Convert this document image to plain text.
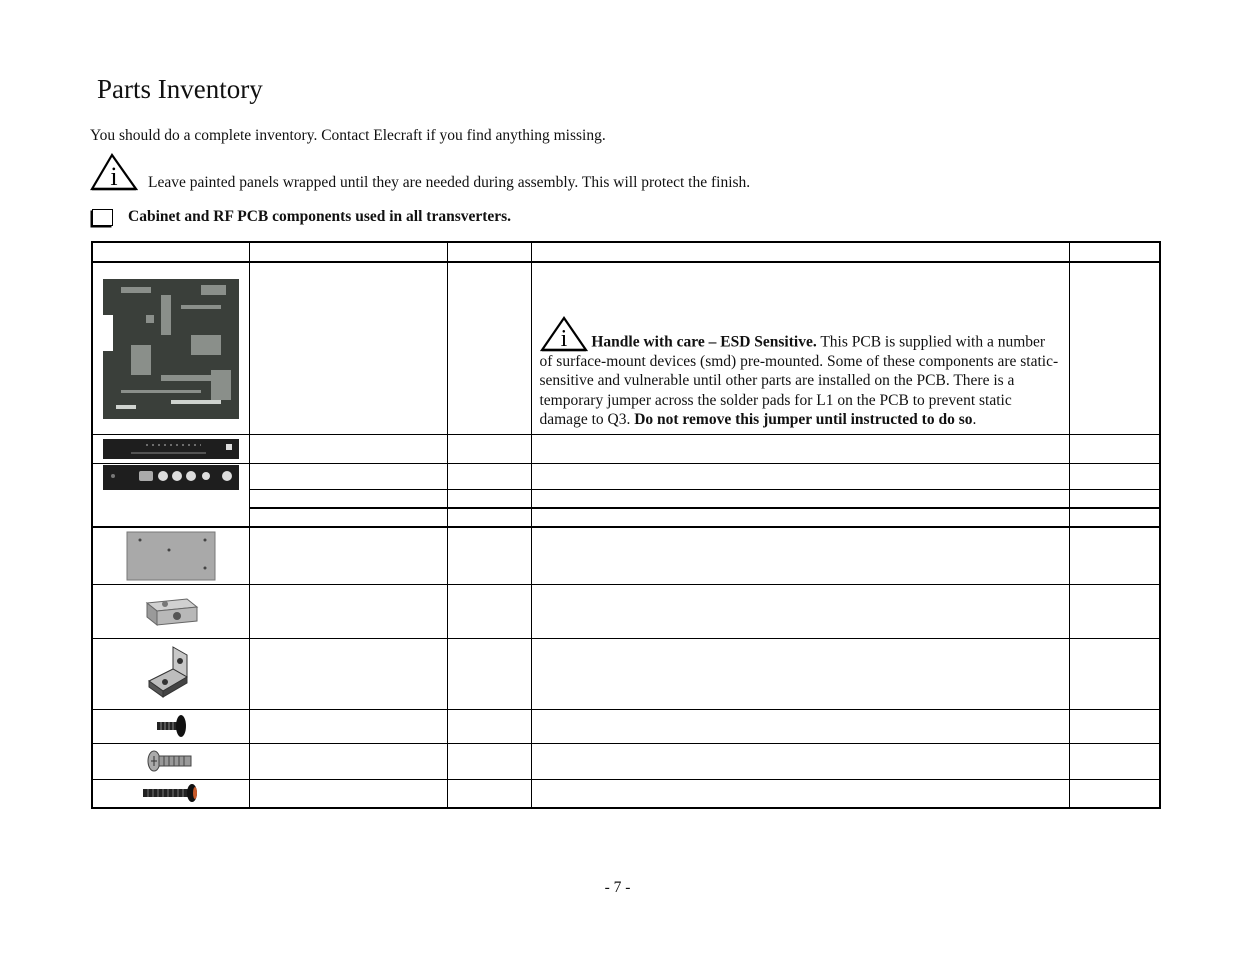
Parts Inventory
You should do a complete inventory. Contact Elecraft if you find anything missing.
i Leave painted panels wrapped until they are needed during assembly. This will protect the finish.
Cabinet and RF PCB components used in all transverters.

i Handle with care – ESD Sensitive. This PCB is supplied with a number of surface-mount devices (smd) pre-mounted. Some of these components are static-sensitive and vulnerable until other parts are installed on the PCB. There is a temporary jumper across the solder pads for L1 on the PCB to prevent static damage to Q3. Do not remove this jumper until instructed to do so.	

- 7 -
